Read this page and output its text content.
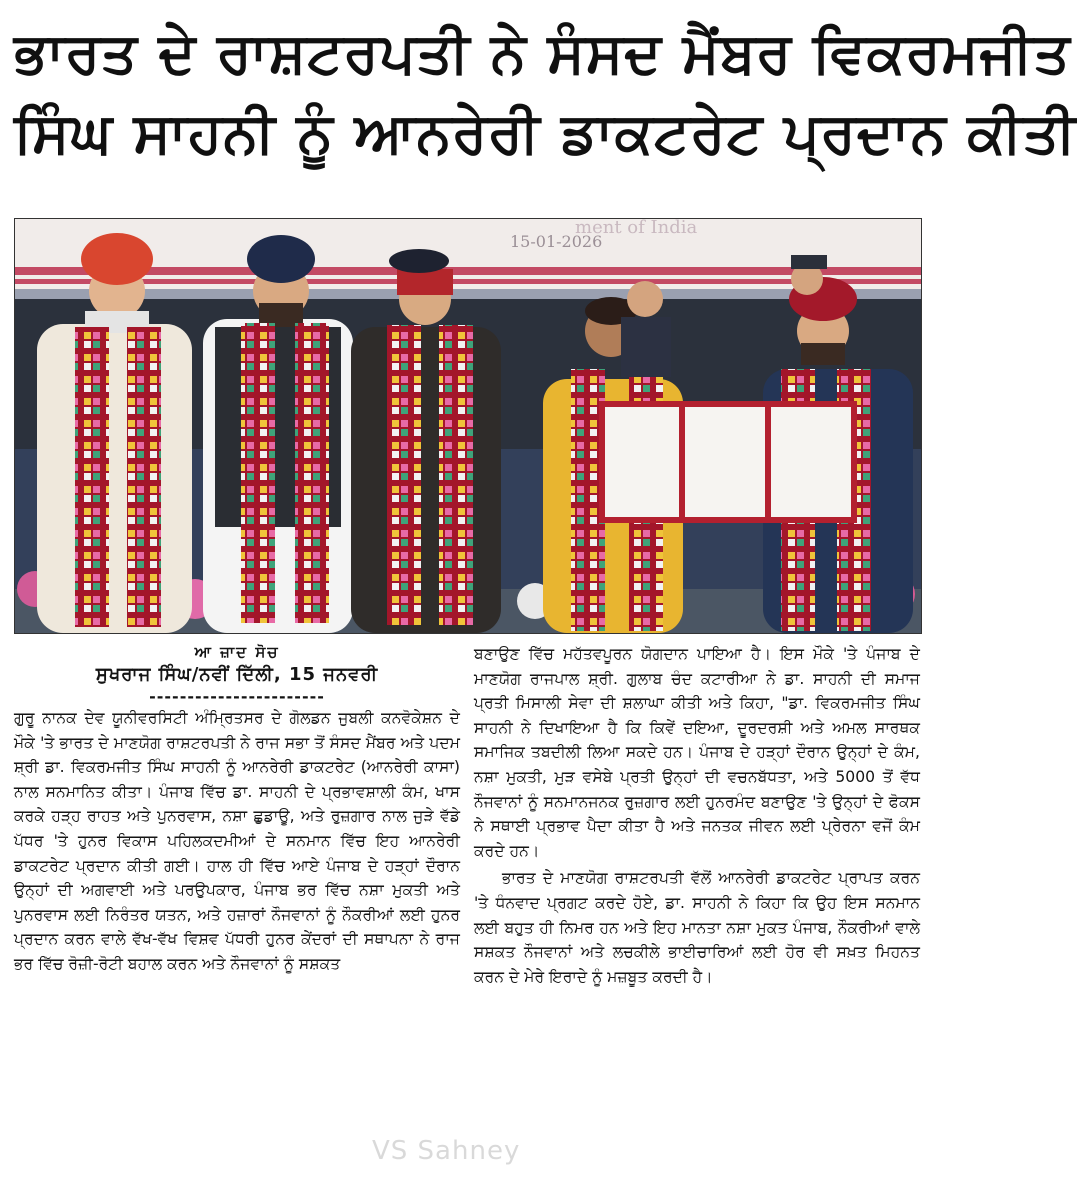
ਭਾਰਤ ਦੇ ਰਾਸ਼ਟਰਪਤੀ ਨੇ ਸੰਸਦ ਮੈਂਬਰ ਵਿਕਰਮਜੀਤ
ਸਿੰਘ ਸਾਹਨੀ ਨੂੰ ਆਨਰੇਰੀ ਡਾਕਟਰੇਟ ਪ੍ਰਦਾਨ ਕੀਤੀ
ment of India
15-01-2026
ਆ ਜ਼ਾਦ ਸੋਚ
ਸੁਖਰਾਜ ਸਿੰਘ/ਨਵੀਂ ਦਿੱਲੀ, 15 ਜਨਵਰੀ
-----------------------

ਗੁਰੂ ਨਾਨਕ ਦੇਵ ਯੂਨੀਵਰਸਿਟੀ ਅੰਮ੍ਰਿਤਸਰ ਦੇ ਗੋਲਡਨ ਜੁਬਲੀ ਕਨਵੋਕੇਸ਼ਨ ਦੇ ਮੌਕੇ 'ਤੇ ਭਾਰਤ ਦੇ ਮਾਣਯੋਗ ਰਾਸ਼ਟਰਪਤੀ ਨੇ ਰਾਜ ਸਭਾ ਤੋਂ ਸੰਸਦ ਮੈਂਬਰ ਅਤੇ ਪਦਮ ਸ਼੍ਰੀ ਡਾ. ਵਿਕਰਮਜੀਤ ਸਿੰਘ ਸਾਹਨੀ ਨੂੰ ਆਨਰੇਰੀ ਡਾਕਟਰੇਟ (ਆਨਰੇਰੀ ਕਾਸਾ) ਨਾਲ ਸਨਮਾਨਿਤ ਕੀਤਾ। ਪੰਜਾਬ ਵਿੱਚ ਡਾ. ਸਾਹਨੀ ਦੇ ਪ੍ਰਭਾਵਸ਼ਾਲੀ ਕੰਮ, ਖਾਸ ਕਰਕੇ ਹੜ੍ਹ ਰਾਹਤ ਅਤੇ ਪੁਨਰਵਾਸ, ਨਸ਼ਾ ਛੁਡਾਊ, ਅਤੇ ਰੁਜ਼ਗਾਰ ਨਾਲ ਜੁੜੇ ਵੱਡੇ ਪੱਧਰ 'ਤੇ ਹੁਨਰ ਵਿਕਾਸ ਪਹਿਲਕਦਮੀਆਂ ਦੇ ਸਨਮਾਨ ਵਿੱਚ ਇਹ ਆਨਰੇਰੀ ਡਾਕਟਰੇਟ ਪ੍ਰਦਾਨ ਕੀਤੀ ਗਈ। ਹਾਲ ਹੀ ਵਿੱਚ ਆਏ ਪੰਜਾਬ ਦੇ ਹੜ੍ਹਾਂ ਦੌਰਾਨ ਉਨ੍ਹਾਂ ਦੀ ਅਗਵਾਈ ਅਤੇ ਪਰਉਪਕਾਰ, ਪੰਜਾਬ ਭਰ ਵਿੱਚ ਨਸ਼ਾ ਮੁਕਤੀ ਅਤੇ ਪੁਨਰਵਾਸ ਲਈ ਨਿਰੰਤਰ ਯਤਨ, ਅਤੇ ਹਜ਼ਾਰਾਂ ਨੌਜਵਾਨਾਂ ਨੂੰ ਨੌਕਰੀਆਂ ਲਈ ਹੁਨਰ ਪ੍ਰਦਾਨ ਕਰਨ ਵਾਲੇ ਵੱਖ-ਵੱਖ ਵਿਸ਼ਵ ਪੱਧਰੀ ਹੁਨਰ ਕੇਂਦਰਾਂ ਦੀ ਸਥਾਪਨਾ ਨੇ ਰਾਜ ਭਰ ਵਿੱਚ ਰੋਜ਼ੀ-ਰੋਟੀ ਬਹਾਲ ਕਰਨ ਅਤੇ ਨੌਜਵਾਨਾਂ ਨੂੰ ਸਸ਼ਕਤ

ਬਣਾਉਣ ਵਿੱਚ ਮਹੱਤਵਪੂਰਨ ਯੋਗਦਾਨ ਪਾਇਆ ਹੈ। ਇਸ ਮੌਕੇ 'ਤੇ ਪੰਜਾਬ ਦੇ ਮਾਣਯੋਗ ਰਾਜਪਾਲ ਸ਼੍ਰੀ. ਗੁਲਾਬ ਚੰਦ ਕਟਾਰੀਆ ਨੇ ਡਾ. ਸਾਹਨੀ ਦੀ ਸਮਾਜ ਪ੍ਰਤੀ ਮਿਸਾਲੀ ਸੇਵਾ ਦੀ ਸ਼ਲਾਘਾ ਕੀਤੀ ਅਤੇ ਕਿਹਾ, "ਡਾ. ਵਿਕਰਮਜੀਤ ਸਿੰਘ ਸਾਹਨੀ ਨੇ ਦਿਖਾਇਆ ਹੈ ਕਿ ਕਿਵੇਂ ਦਇਆ, ਦੂਰਦਰਸ਼ੀ ਅਤੇ ਅਮਲ ਸਾਰਥਕ ਸਮਾਜਿਕ ਤਬਦੀਲੀ ਲਿਆ ਸਕਦੇ ਹਨ। ਪੰਜਾਬ ਦੇ ਹੜ੍ਹਾਂ ਦੌਰਾਨ ਉਨ੍ਹਾਂ ਦੇ ਕੰਮ, ਨਸ਼ਾ ਮੁਕਤੀ, ਮੁੜ ਵਸੇਬੇ ਪ੍ਰਤੀ ਉਨ੍ਹਾਂ ਦੀ ਵਚਨਬੱਧਤਾ, ਅਤੇ 5000 ਤੋਂ ਵੱਧ ਨੌਜਵਾਨਾਂ ਨੂੰ ਸਨਮਾਨਜਨਕ ਰੁਜ਼ਗਾਰ ਲਈ ਹੁਨਰਮੰਦ ਬਣਾਉਣ 'ਤੇ ਉਨ੍ਹਾਂ ਦੇ ਫੋਕਸ ਨੇ ਸਥਾਈ ਪ੍ਰਭਾਵ ਪੈਦਾ ਕੀਤਾ ਹੈ ਅਤੇ ਜਨਤਕ ਜੀਵਨ ਲਈ ਪ੍ਰੇਰਨਾ ਵਜੋਂ ਕੰਮ ਕਰਦੇ ਹਨ।

ਭਾਰਤ ਦੇ ਮਾਣਯੋਗ ਰਾਸ਼ਟਰਪਤੀ ਵੱਲੋਂ ਆਨਰੇਰੀ ਡਾਕਟਰੇਟ ਪ੍ਰਾਪਤ ਕਰਨ 'ਤੇ ਧੰਨਵਾਦ ਪ੍ਰਗਟ ਕਰਦੇ ਹੋਏ, ਡਾ. ਸਾਹਨੀ ਨੇ ਕਿਹਾ ਕਿ ਉਹ ਇਸ ਸਨਮਾਨ ਲਈ ਬਹੁਤ ਹੀ ਨਿਮਰ ਹਨ ਅਤੇ ਇਹ ਮਾਨਤਾ ਨਸ਼ਾ ਮੁਕਤ ਪੰਜਾਬ, ਨੌਕਰੀਆਂ ਵਾਲੇ ਸਸ਼ਕਤ ਨੌਜਵਾਨਾਂ ਅਤੇ ਲਚਕੀਲੇ ਭਾਈਚਾਰਿਆਂ ਲਈ ਹੋਰ ਵੀ ਸਖ਼ਤ ਮਿਹਨਤ ਕਰਨ ਦੇ ਮੇਰੇ ਇਰਾਦੇ ਨੂੰ ਮਜ਼ਬੂਤ ਕਰਦੀ ਹੈ।

VS Sahney
